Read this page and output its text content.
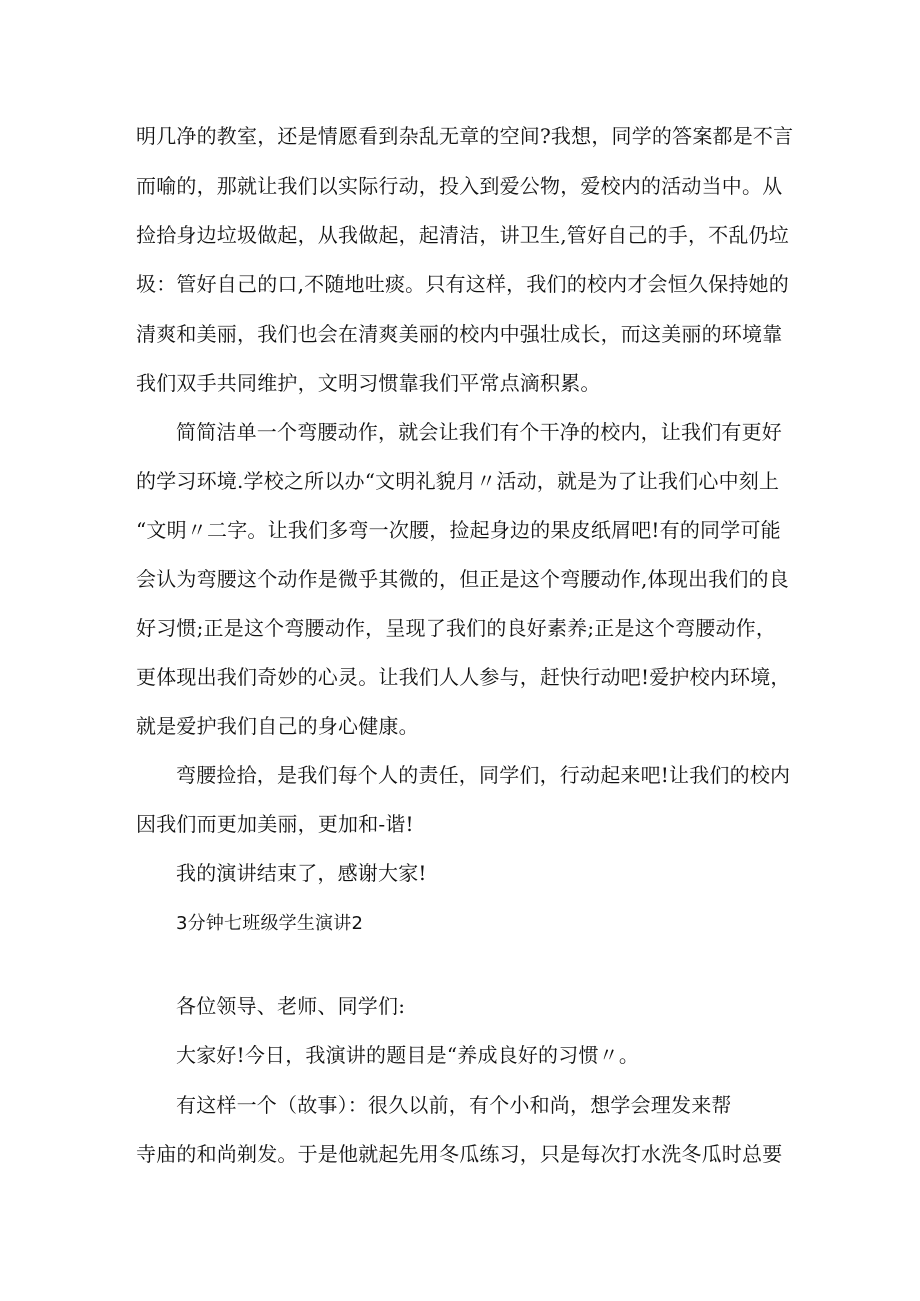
明几净的教室，还是情愿看到杂乱无章的空间?我想，同学的答案都是不言
而喻的，那就让我们以实际行动，投入到爱公物，爱校内的活动当中。从
捡拾身边垃圾做起，从我做起，起清洁，讲卫生,管好自己的手，不乱仍垃
圾：管好自己的口,不随地吐痰。只有这样，我们的校内才会恒久保持她的
清爽和美丽，我们也会在清爽美丽的校内中强壮成长，而这美丽的环境靠
我们双手共同维护，文明习惯靠我们平常点滴积累。
简简洁单一个弯腰动作，就会让我们有个干净的校内，让我们有更好
的学习环境.学校之所以办“文明礼貌月〃活动，就是为了让我们心中刻上
“文明〃二字。让我们多弯一次腰，捡起身边的果皮纸屑吧!有的同学可能
会认为弯腰这个动作是微乎其微的，但正是这个弯腰动作,体现出我们的良
好习惯;正是这个弯腰动作，呈现了我们的良好素养;正是这个弯腰动作，
更体现出我们奇妙的心灵。让我们人人参与，赶快行动吧!爱护校内环境，
就是爱护我们自己的身心健康。
弯腰捡拾，是我们每个人的责任，同学们，行动起来吧!让我们的校内
因我们而更加美丽，更加和-谐!
我的演讲结束了，感谢大家!
3分钟七班级学生演讲2
各位领导、老师、同学们:
大家好!今日，我演讲的题目是“养成良好的习惯〃。
有这样一个（故事）：很久以前，有个小和尚，想学会理发来帮
寺庙的和尚剃发。于是他就起先用冬瓜练习，只是每次打水洗冬瓜时总要
